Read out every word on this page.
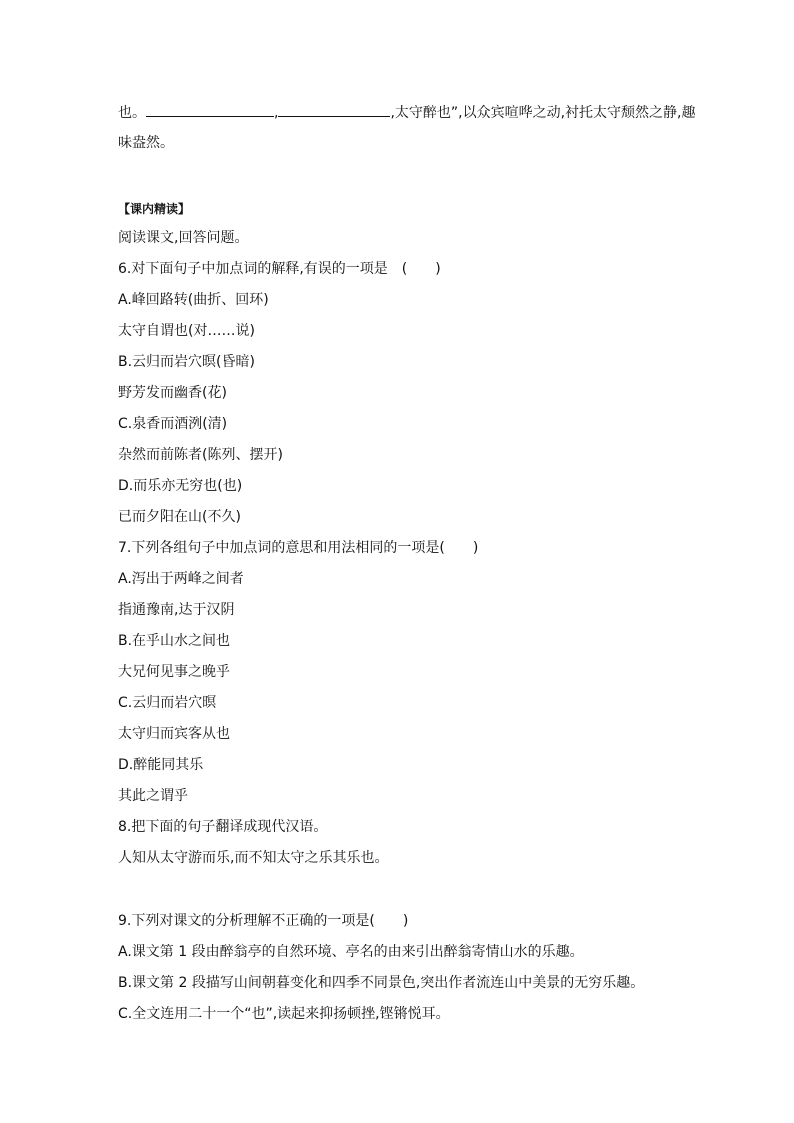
也。	,	,太守醉也”,以众宾喧哗之动,衬托太守颓然之静,趣
味盎然。
【课内精读】
阅读课文,回答问题。
6.对下面句子中加点词的解释,有误的一项是　(　　)
A.峰回路转(曲折、回环)
太守自谓也(对……说)
B.云归而岩穴暝(昏暗)
野芳发而幽香(花)
C.泉香而酒洌(清)
杂然而前陈者(陈列、摆开)
D.而乐亦无穷也(也)
已而夕阳在山(不久)
7.下列各组句子中加点词的意思和用法相同的一项是(　　)
A.泻出于两峰之间者
指通豫南,达于汉阴
B.在乎山水之间也
大兄何见事之晚乎
C.云归而岩穴暝
太守归而宾客从也
D.醉能同其乐
其此之谓乎
8.把下面的句子翻译成现代汉语。
人知从太守游而乐,而不知太守之乐其乐也。
9.下列对课文的分析理解不正确的一项是(　　)
A.课文第 1 段由醉翁亭的自然环境、亭名的由来引出醉翁寄情山水的乐趣。
B.课文第 2 段描写山间朝暮变化和四季不同景色,突出作者流连山中美景的无穷乐趣。
C.全文连用二十一个“也”,读起来抑扬顿挫,铿锵悦耳。
